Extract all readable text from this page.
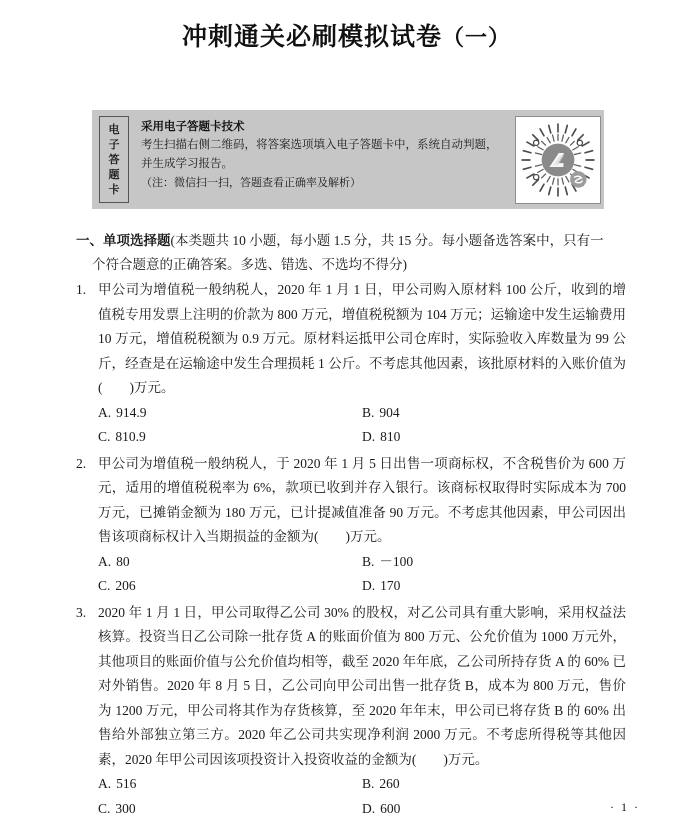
冲刺通关必刷模拟试卷（一）
电
子
答
题
卡
采用电子答题卡技术
考生扫描右侧二维码，将答案选项填入电子答题卡中，系统自动判题，
并生成学习报告。
（注：微信扫一扫，答题查看正确率及解析）
一、单项选择题(本类题共 10 小题，每小题 1.5 分，共 15 分。每小题备选答案中，只有一
个符合题意的正确答案。多选、错选、不选均不得分)
1. 甲公司为增值税一般纳税人，2020 年 1 月 1 日，甲公司购入原材料 100 公斤，收到的增值税专用发票上注明的价款为 800 万元，增值税税额为 104 万元；运输途中发生运输费用 10 万元，增值税税额为 0.9 万元。原材料运抵甲公司仓库时，实际验收入库数量为 99 公斤，经查是在运输途中发生合理损耗 1 公斤。不考虑其他因素，该批原材料的入账价值为(　　)万元。
A. 914.9	B. 904
C. 810.9	D. 810
2. 甲公司为增值税一般纳税人，于 2020 年 1 月 5 日出售一项商标权，不含税售价为 600 万元，适用的增值税税率为 6%，款项已收到并存入银行。该商标权取得时实际成本为 700 万元，已摊销金额为 180 万元，已计提减值准备 90 万元。不考虑其他因素，甲公司因出售该项商标权计入当期损益的金额为(　　)万元。
A. 80	B. －100
C. 206	D. 170
3. 2020 年 1 月 1 日，甲公司取得乙公司 30% 的股权，对乙公司具有重大影响，采用权益法核算。投资当日乙公司除一批存货 A 的账面价值为 800 万元、公允价值为 1000 万元外，其他项目的账面价值与公允价值均相等，截至 2020 年年底，乙公司所持存货 A 的 60% 已对外销售。2020 年 8 月 5 日，乙公司向甲公司出售一批存货 B，成本为 800 万元，售价为 1200 万元，甲公司将其作为存货核算，至 2020 年年末，甲公司已将存货 B 的 60% 出售给外部独立第三方。2020 年乙公司共实现净利润 2000 万元。不考虑所得税等其他因素，2020 年甲公司因该项投资计入投资收益的金额为(　　)万元。
A. 516	B. 260
C. 300	D. 600	· 1 ·
